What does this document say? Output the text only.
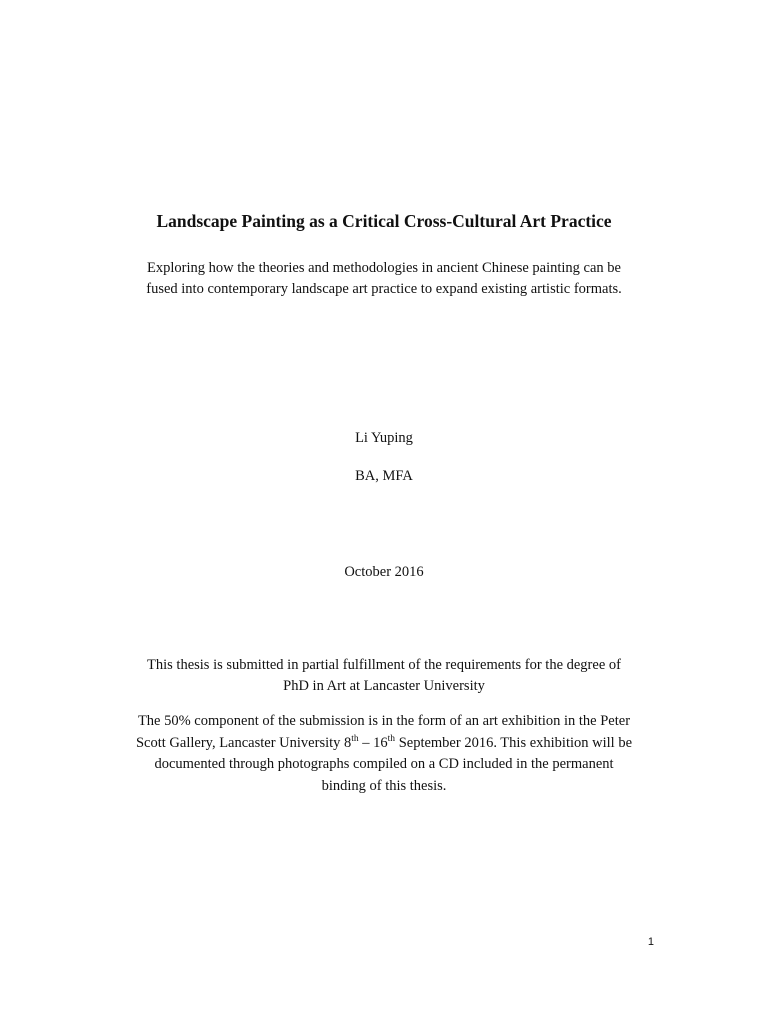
Landscape Painting as a Critical Cross-Cultural Art Practice
Exploring how the theories and methodologies in ancient Chinese painting can be
fused into contemporary landscape art practice to expand existing artistic formats.
Li Yuping
BA, MFA
October 2016
This thesis is submitted in partial fulfillment of the requirements for the degree of
PhD in Art at Lancaster University
The 50% component of the submission is in the form of an art exhibition in the Peter
Scott Gallery, Lancaster University 8th – 16th September 2016. This exhibition will be
documented through photographs compiled on a CD included in the permanent
binding of this thesis.
1
